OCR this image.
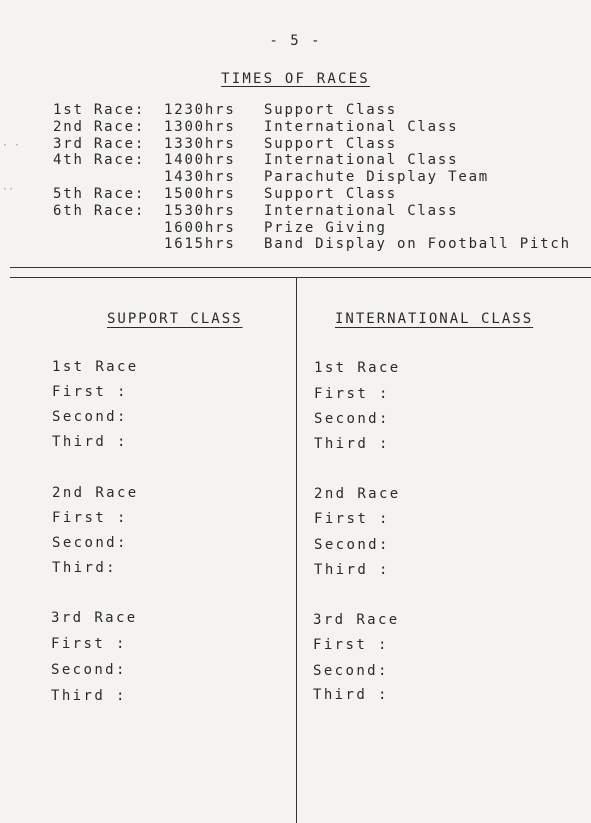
- 5 -
TIMES OF RACES
1st Race: 1230hrs Support Class
2nd Race: 1300hrs International Class
3rd Race: 1330hrs Support Class
4th Race: 1400hrs International Class
1430hrs Parachute Display Team
5th Race: 1500hrs Support Class
6th Race: 1530hrs International Class
1600hrs Prize Giving
1615hrs Band Display on Football Pitch
· ·
··
SUPPORT CLASS
1st Race
First :
Second:
Third :
2nd Race
First :
Second:
Third:
3rd Race
First :
Second:
Third :
INTERNATIONAL CLASS
1st Race
First :
Second:
Third :
2nd Race
First :
Second:
Third :
3rd Race
First :
Second:
Third :
